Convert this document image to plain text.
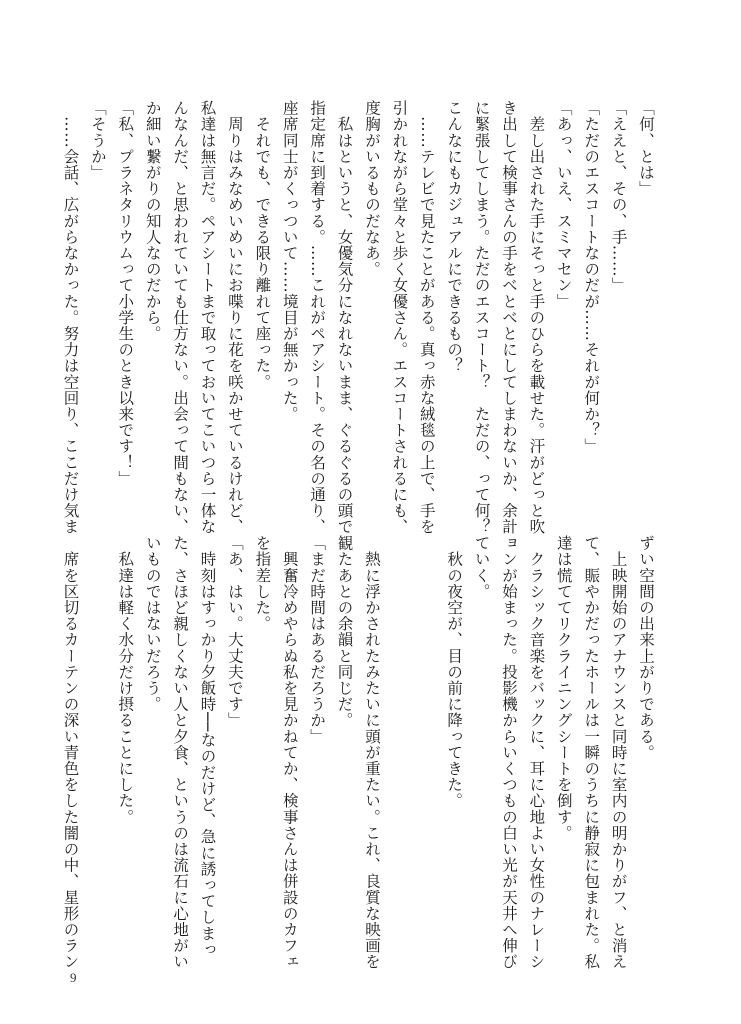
「何、とは」

「ええと、その、手……」

「ただのエスコートなのだが……それが何か？」

「あっ、いえ、スミマセン」

　差し出された手にそっと手のひらを載せた。汗がどっと吹

き出して検事さんの手をべとべとにしてしまわないか、余計

に緊張してしまう。ただのエスコート？　ただの、って何？

こんなにもカジュアルにできるもの？

　……テレビで見たことがある。真っ赤な絨毯の上で、手を

引かれながら堂々と歩く女優さん。エスコートされるにも、

度胸がいるものだなあ。

　私はというと、女優気分になれないまま、ぐるぐるの頭で

指定席に到着する。……これがペアシート。その名の通り、

座席同士がくっついて……境目が無かった。

　それでも、できる限り離れて座った。

　周りはみなめいめいにお喋りに花を咲かせているけれど、

私達は無言だ。ペアシートまで取っておいてこいつら一体な

んなんだ、と思われていても仕方ない。出会って間もない、

か細い繋がりの知人なのだから。

「私、プラネタリウムって小学生のとき以来です！」

「そうか」

　……会話、広がらなかった。努力は空回り、ここだけ気ま

ずい空間の出来上がりである。

　上映開始のアナウンスと同時に室内の明かりがフ、と消え

て、賑やかだったホールは一瞬のうちに静寂に包まれた。私

達は慌ててリクライニングシートを倒す。

　クラシック音楽をバックに、耳に心地よい女性のナレーシ

ョンが始まった。投影機からいくつもの白い光が天井へ伸び

ていく。

　秋の夜空が、目の前に降ってきた。

　熱に浮かされたみたいに頭が重たい。これ、良質な映画を

観たあとの余韻と同じだ。

「まだ時間はあるだろうか」

　興奮冷めやらぬ私を見かねてか、検事さんは併設のカフェ

を指差した。

「あ、はい。大丈夫です」

　時刻はすっかり夕飯時──なのだけど、急に誘ってしまっ

た、さほど親しくない人と夕食、というのは流石に心地がい

いものではないだろう。

　私達は軽く水分だけ摂ることにした。

　席を区切るカーテンの深い青色をした闇の中、星形のラン

9
